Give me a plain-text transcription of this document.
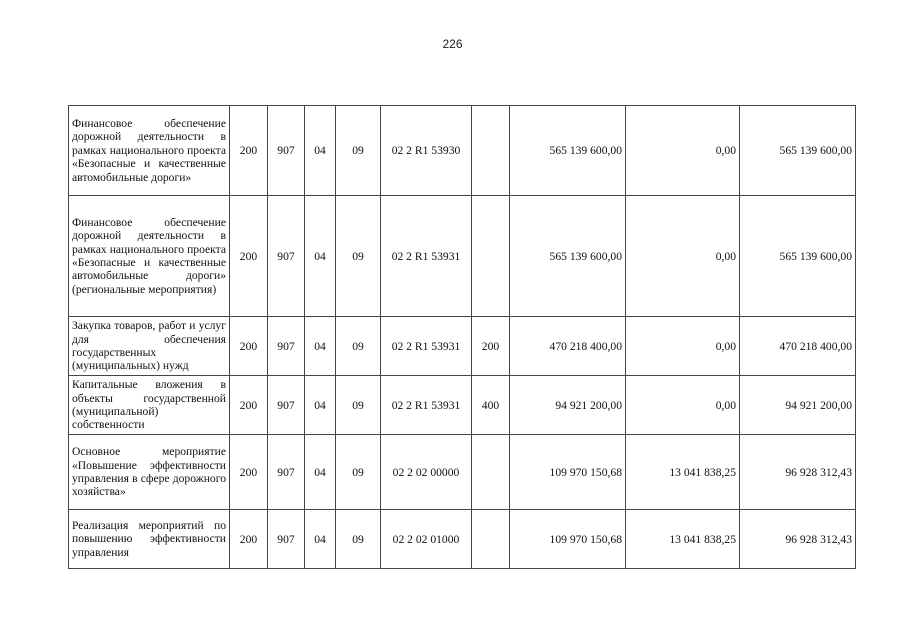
226
Финансовое обеспечение дорожной деятельности в рамках национального проекта «Безопасные и качественные автомобильные дороги»	200	907	04	09	02 2 R1 53930		565 139 600,00	0,00	565 139 600,00
Финансовое обеспечение дорожной деятельности в рамках национального проекта «Безопасные и качественные автомобильные дороги» (региональные мероприятия)	200	907	04	09	02 2 R1 53931		565 139 600,00	0,00	565 139 600,00
Закупка товаров, работ и услуг для обеспечения государственных (муниципальных) нужд	200	907	04	09	02 2 R1 53931	200	470 218 400,00	0,00	470 218 400,00
Капитальные вложения в объекты государственной (муниципальной) собственности	200	907	04	09	02 2 R1 53931	400	94 921 200,00	0,00	94 921 200,00
Основное мероприятие «Повышение эффективности управления в сфере дорожного хозяйства»	200	907	04	09	02 2 02 00000		109 970 150,68	13 041 838,25	96 928 312,43
Реализация мероприятий по повышению эффективности управления	200	907	04	09	02 2 02 01000		109 970 150,68	13 041 838,25	96 928 312,43
